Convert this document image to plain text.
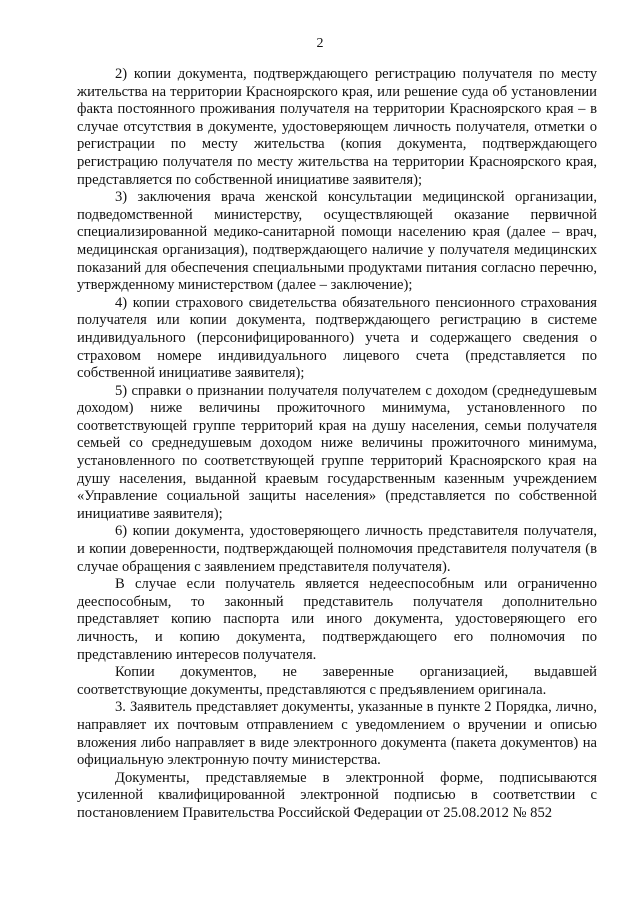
2

2) копии документа, подтверждающего регистрацию получателя по месту жительства на территории Красноярского края, или решение суда об установлении факта постоянного проживания получателя на территории Красноярского края – в случае отсутствия в документе, удостоверяющем личность получателя, отметки о регистрации по месту жительства (копия документа, подтверждающего регистрацию получателя по месту жительства на территории Красноярского края, представляется по собственной инициативе заявителя);

3) заключения врача женской консультации медицинской организации, подведомственной министерству, осуществляющей оказание первичной специализированной медико-санитарной помощи населению края (далее – врач, медицинская организация), подтверждающего наличие у получателя медицинских показаний для обеспечения специальными продуктами питания согласно перечню, утвержденному министерством (далее – заключение);

4) копии страхового свидетельства обязательного пенсионного страхования получателя или копии документа, подтверждающего регистрацию в системе индивидуального (персонифицированного) учета и содержащего сведения о страховом номере индивидуального лицевого счета (представляется по собственной инициативе заявителя);

5) справки о признании получателя получателем с доходом (среднедушевым доходом) ниже величины прожиточного минимума, установленного по соответствующей группе территорий края на душу населения, семьи получателя семьей со среднедушевым доходом ниже величины прожиточного минимума, установленного по соответствующей группе территорий Красноярского края на душу населения, выданной краевым государственным казенным учреждением «Управление социальной защиты населения» (представляется по собственной инициативе заявителя);

6) копии документа, удостоверяющего личность представителя получателя, и копии доверенности, подтверждающей полномочия представителя получателя (в случае обращения с заявлением представителя получателя).

В случае если получатель является недееспособным или ограниченно дееспособным, то законный представитель получателя дополнительно представляет копию паспорта или иного документа, удостоверяющего его личность, и копию документа, подтверждающего его полномочия по представлению интересов получателя.

Копии документов, не заверенные организацией, выдавшей соответствующие документы, представляются с предъявлением оригинала.

3. Заявитель представляет документы, указанные в пункте 2 Порядка, лично, направляет их почтовым отправлением с уведомлением о вручении и описью вложения либо направляет в виде электронного документа (пакета документов) на официальную электронную почту министерства.

Документы, представляемые в электронной форме, подписываются усиленной квалифицированной электронной подписью в соответствии с постановлением Правительства Российской Федерации от 25.08.2012 № 852
